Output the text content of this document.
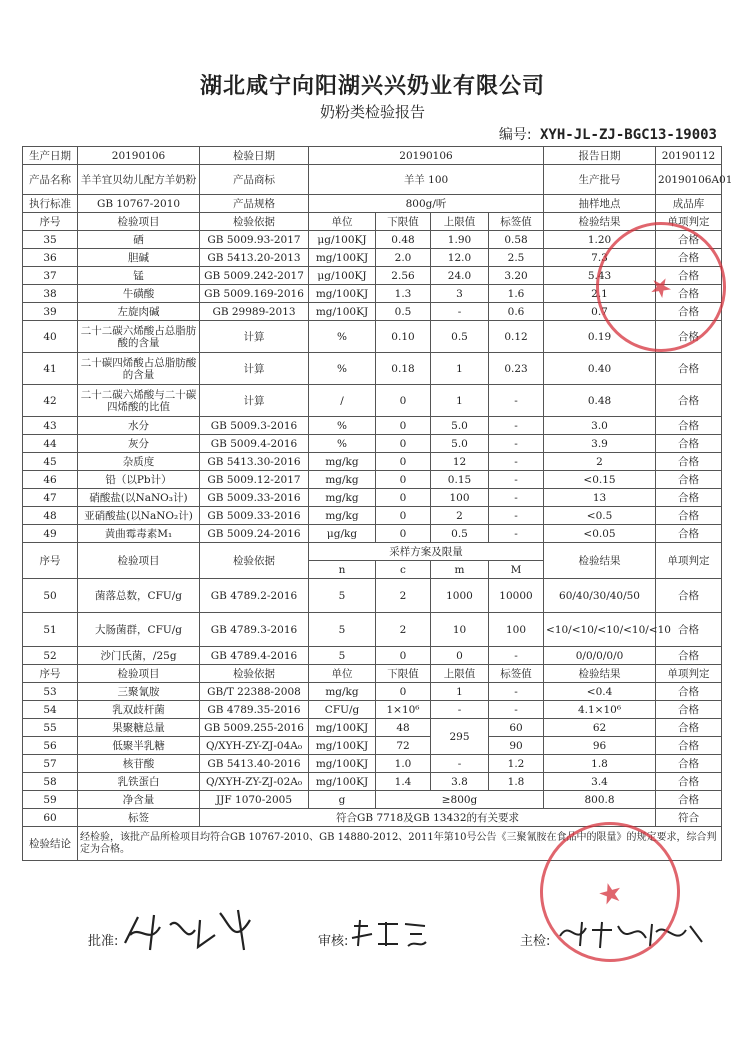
湖北咸宁向阳湖兴兴奶业有限公司
奶粉类检验报告
编号: XYH-JL-ZJ-BGC13-19003
生产日期	20190106	检验日期	20190106				报告日期	20190112
产品名称	羊羊宜贝幼儿配方羊奶粉	产品商标	羊羊 100				生产批号	20190106A01
执行标准	GB 10767-2010	产品规格	800g/听				抽样地点	成品库
序号	检验项目	检验依据	单位	下限值	上限值	标签值	检验结果	单项判定
35	硒	GB 5009.93-2017	μg/100KJ	0.48	1.90	0.58	1.20	合格
36	胆碱	GB 5413.20-2013	mg/100KJ	2.0	12.0	2.5	7.3	合格
37	锰	GB 5009.242-2017	μg/100KJ	2.56	24.0	3.20	5.43	合格
38	牛磺酸	GB 5009.169-2016	mg/100KJ	1.3	3	1.6	2.1	合格
39	左旋肉碱	GB 29989-2013	mg/100KJ	0.5	-	0.6	0.7	合格
40	二十二碳六烯酸占总脂肪酸的含量	计算	%	0.10	0.5	0.12	0.19	合格
41	二十碳四烯酸占总脂肪酸的含量	计算	%	0.18	1	0.23	0.40	合格
42	二十二碳六烯酸与二十碳四烯酸的比值	计算	/	0	1	-	0.48	合格
43	水分	GB 5009.3-2016	%	0	5.0	-	3.0	合格
44	灰分	GB 5009.4-2016	%	0	5.0	-	3.9	合格
45	杂质度	GB 5413.30-2016	mg/kg	0	12	-	2	合格
46	铅（以Pb计）	GB 5009.12-2017	mg/kg	0	0.15	-	<0.15	合格
47	硝酸盐(以NaNO₃计)	GB 5009.33-2016	mg/kg	0	100	-	13	合格
48	亚硝酸盐(以NaNO₂计)	GB 5009.33-2016	mg/kg	0	2	-	<0.5	合格
49	黄曲霉毒素M₁	GB 5009.24-2016	μg/kg	0	0.5	-	<0.05	合格
序号	检验项目	检验依据	采样方案及限量				检验结果	单项判定
			n	c	m	M		
50	菌落总数，CFU/g	GB 4789.2-2016	5	2	1000	10000	60/40/30/40/50	合格
51	大肠菌群，CFU/g	GB 4789.3-2016	5	2	10	100	<10/<10/<10/<10/<10	合格
52	沙门氏菌，/25g	GB 4789.4-2016	5	0	0	-	0/0/0/0/0	合格
序号	检验项目	检验依据	单位	下限值	上限值	标签值	检验结果	单项判定
53	三聚氰胺	GB/T 22388-2008	mg/kg	0	1	-	<0.4	合格
54	乳双歧杆菌	GB 4789.35-2016	CFU/g	1×10⁶	-	-	4.1×10⁶	合格
55	果聚糖总量	GB 5009.255-2016	mg/100KJ	48	295	60	62	合格
56	低聚半乳糖	Q/XYH-ZY-ZJ-04A₀	mg/100KJ	72		90	96	合格
57	核苷酸	GB 5413.40-2016	mg/100KJ	1.0	-	1.2	1.8	合格
58	乳铁蛋白	Q/XYH-ZY-ZJ-02A₀	mg/100KJ	1.4	3.8	1.8	3.4	合格
59	净含量	JJF 1070-2005	g	≥800g			800.8	合格
60	标签	符合GB 7718及GB 13432的有关要求						符合
检验结论	经检验，该批产品所检项目均符合GB 10767-2010、GB 14880-2012、2011年第10号公告《三聚氰胺在食品中的限量》的规定要求，综合判定为合格。							
批准:	审核:	主检:
★
★
